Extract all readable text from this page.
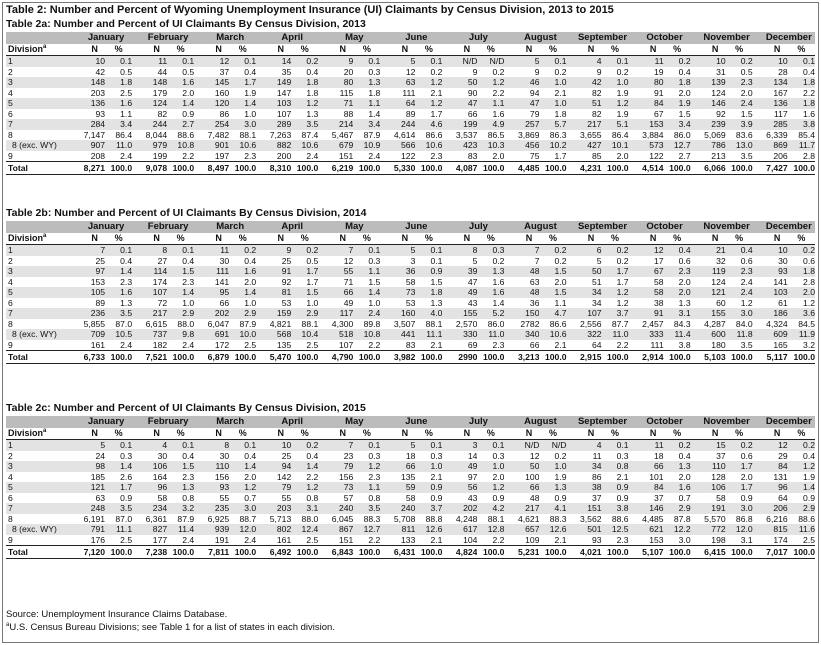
Table 2: Number and Percent of Wyoming Unemployment Insurance (UI) Claimants by Census Division, 2013 to 2015
Table 2a: Number and Percent of UI Claimants By Census Division, 2013
	January		February		March		April		May		June		July		August		September		October		November		December	
Division$^a$	N	%	N	%	N	%	N	%	N	%	N	%	N	%	N	%	N	%	N	%	N	%	N	%
1	10	0.1	11	0.1	12	0.1	14	0.2	9	0.1	5	0.1	N/D	N/D	5	0.1	4	0.1	11	0.2	10	0.2	10	0.1
2	42	0.5	44	0.5	37	0.4	35	0.4	20	0.3	12	0.2	9	0.2	9	0.2	9	0.2	19	0.4	31	0.5	28	0.4
3	148	1.8	148	1.6	145	1.7	149	1.8	80	1.3	63	1.2	50	1.2	46	1.0	42	1.0	80	1.8	139	2.3	134	1.8
4	203	2.5	179	2.0	160	1.9	147	1.8	115	1.8	111	2.1	90	2.2	94	2.1	82	1.9	91	2.0	124	2.0	167	2.2
5	136	1.6	124	1.4	120	1.4	103	1.2	71	1.1	64	1.2	47	1.1	47	1.0	51	1.2	84	1.9	146	2.4	136	1.8
6	93	1.1	82	0.9	86	1.0	107	1.3	88	1.4	89	1.7	66	1.6	79	1.8	82	1.9	67	1.5	92	1.5	117	1.6
7	284	3.4	244	2.7	254	3.0	289	3.5	214	3.4	244	4.6	199	4.9	257	5.7	217	5.1	153	3.4	239	3.9	285	3.8
8	7,147	86.4	8,044	88.6	7,482	88.1	7,263	87.4	5,467	87.9	4,614	86.6	3,537	86.5	3,869	86.3	3,655	86.4	3,884	86.0	5,069	83.6	6,339	85.4
8 (exc. WY)	907	11.0	979	10.8	901	10.6	882	10.6	679	10.9	566	10.6	423	10.3	456	10.2	427	10.1	573	12.7	786	13.0	869	11.7
9	208	2.4	199	2.2	197	2.3	200	2.4	151	2.4	122	2.3	83	2.0	75	1.7	85	2.0	122	2.7	213	3.5	206	2.8
Total	8,271	100.0	9,078	100.0	8,497	100.0	8,310	100.0	6,219	100.0	5,330	100.0	4,087	100.0	4,485	100.0	4,231	100.0	4,514	100.0	6,066	100.0	7,427	100.0
Table 2b: Number and Percent of UI Claimants By Census Division, 2014
	January		February		March		April		May		June		July		August		September		October		November		December	
Division$^a$	N	%	N	%	N	%	N	%	N	%	N	%	N	%	N	%	N	%	N	%	N	%	N	%
1	7	0.1	8	0.1	11	0.2	9	0.2	7	0.1	5	0.1	8	0.3	7	0.2	6	0.2	12	0.4	21	0.4	10	0.2
2	25	0.4	27	0.4	30	0.4	25	0.5	12	0.3	3	0.1	5	0.2	7	0.2	5	0.2	17	0.6	32	0.6	30	0.6
3	97	1.4	114	1.5	111	1.6	91	1.7	55	1.1	36	0.9	39	1.3	48	1.5	50	1.7	67	2.3	119	2.3	93	1.8
4	153	2.3	174	2.3	141	2.0	92	1.7	71	1.5	58	1.5	47	1.6	63	2.0	51	1.7	58	2.0	124	2.4	141	2.8
5	105	1.6	107	1.4	95	1.4	81	1.5	66	1.4	73	1.8	49	1.6	48	1.5	34	1.2	58	2.0	121	2.4	103	2.0
6	89	1.3	72	1.0	66	1.0	53	1.0	49	1.0	53	1.3	43	1.4	36	1.1	34	1.2	38	1.3	60	1.2	61	1.2
7	236	3.5	217	2.9	202	2.9	159	2.9	117	2.4	160	4.0	155	5.2	150	4.7	107	3.7	91	3.1	155	3.0	186	3.6
8	5,855	87.0	6,615	88.0	6,047	87.9	4,821	88.1	4,300	89.8	3,507	88.1	2,570	86.0	2782	86.6	2,556	87.7	2,457	84.3	4,287	84.0	4,324	84.5
8 (exc. WY)	709	10.5	737	9.8	691	10.0	568	10.4	518	10.8	441	11.1	330	11.0	340	10.6	322	11.0	333	11.4	600	11.8	609	11.9
9	161	2.4	182	2.4	172	2.5	135	2.5	107	2.2	83	2.1	69	2.3	66	2.1	64	2.2	111	3.8	180	3.5	165	3.2
Total	6,733	100.0	7,521	100.0	6,879	100.0	5,470	100.0	4,790	100.0	3,982	100.0	2990	100.0	3,213	100.0	2,915	100.0	2,914	100.0	5,103	100.0	5,117	100.0
Table 2c: Number and Percent of UI Claimants By Census Division, 2015
	January		February		March		April		May		June		July		August		September		October		November		December	
Division$^a$	N	%	N	%	N	%	N	%	N	%	N	%	N	%	N	%	N	%	N	%	N	%	N	%
1	5	0.1	4	0.1	8	0.1	10	0.2	7	0.1	5	0.1	3	0.1	N/D	N/D	4	0.1	11	0.2	15	0.2	12	0.2
2	24	0.3	30	0.4	30	0.4	25	0.4	23	0.3	18	0.3	14	0.3	12	0.2	11	0.3	18	0.4	37	0.6	29	0.4
3	98	1.4	106	1.5	110	1.4	94	1.4	79	1.2	66	1.0	49	1.0	50	1.0	34	0.8	66	1.3	110	1.7	84	1.2
4	185	2.6	164	2.3	156	2.0	142	2.2	156	2.3	135	2.1	97	2.0	100	1.9	86	2.1	101	2.0	128	2.0	131	1.9
5	121	1.7	96	1.3	93	1.2	79	1.2	73	1.1	59	0.9	56	1.2	66	1.3	38	0.9	84	1.6	106	1.7	96	1.4
6	63	0.9	58	0.8	55	0.7	55	0.8	57	0.8	58	0.9	43	0.9	48	0.9	37	0.9	37	0.7	58	0.9	64	0.9
7	248	3.5	234	3.2	235	3.0	203	3.1	240	3.5	240	3.7	202	4.2	217	4.1	151	3.8	146	2.9	191	3.0	206	2.9
8	6,191	87.0	6,361	87.9	6,925	88.7	5,713	88.0	6,045	88.3	5,708	88.8	4,248	88.1	4,621	88.3	3,562	88.6	4,485	87.8	5,570	86.8	6,216	88.6
8 (exc. WY)	791	11.1	827	11.4	939	12.0	802	12.4	867	12.7	811	12.6	617	12.8	657	12.6	501	12.5	621	12.2	772	12.0	815	11.6
9	176	2.5	177	2.4	191	2.4	161	2.5	151	2.2	133	2.1	104	2.2	109	2.1	93	2.3	153	3.0	198	3.1	174	2.5
Total	7,120	100.0	7,238	100.0	7,811	100.0	6,492	100.0	6,843	100.0	6,431	100.0	4,824	100.0	5,231	100.0	4,021	100.0	5,107	100.0	6,415	100.0	7,017	100.0
Source: Unemployment Insurance Claims Database.
$^a$U.S. Census Bureau Divisions; see Table 1 for a list of states in each division.
